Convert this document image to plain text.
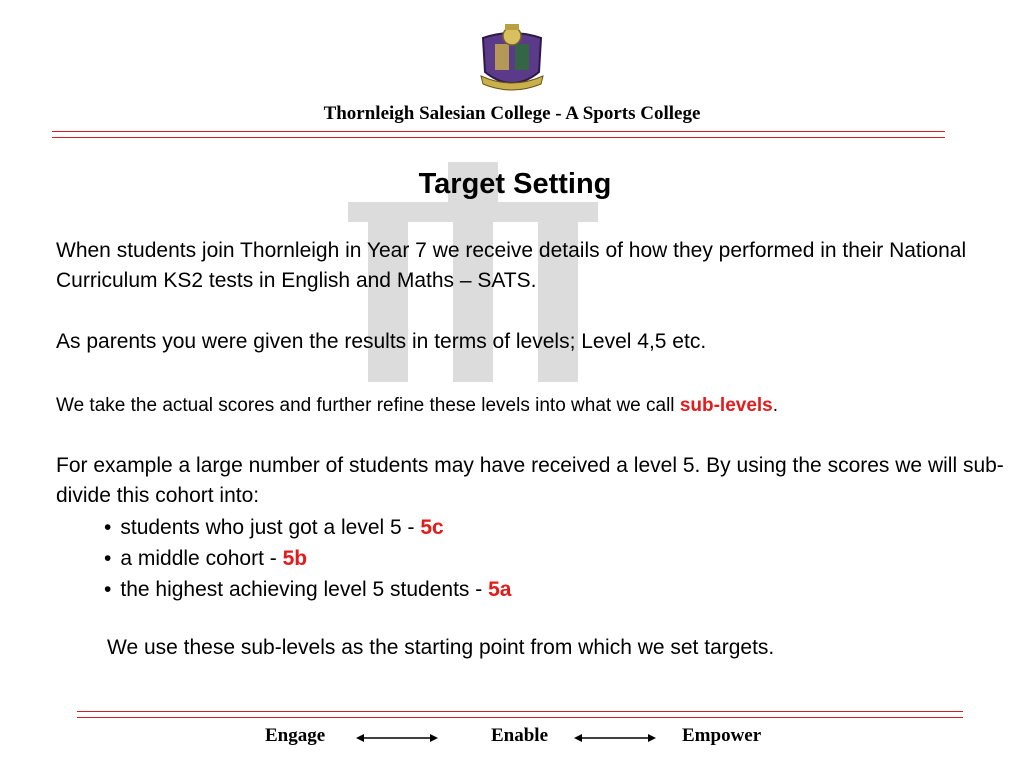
Thornleigh Salesian College - A Sports College
Target Setting
When students join Thornleigh in Year 7 we receive details of how they performed in their National Curriculum KS2 tests in English and Maths – SATS.
As parents you were given the results in terms of levels; Level 4,5 etc.
We take the actual scores and further refine these levels into what we call sub-levels.
For example a large number of students may have received a level 5. By using the scores we will sub-divide this cohort into:
• students who just got a level 5 - 5c
• a middle cohort - 5b
• the highest achieving level 5 students - 5a
We use these sub-levels as the starting point from which we set targets.
Engage	Enable	Empower
